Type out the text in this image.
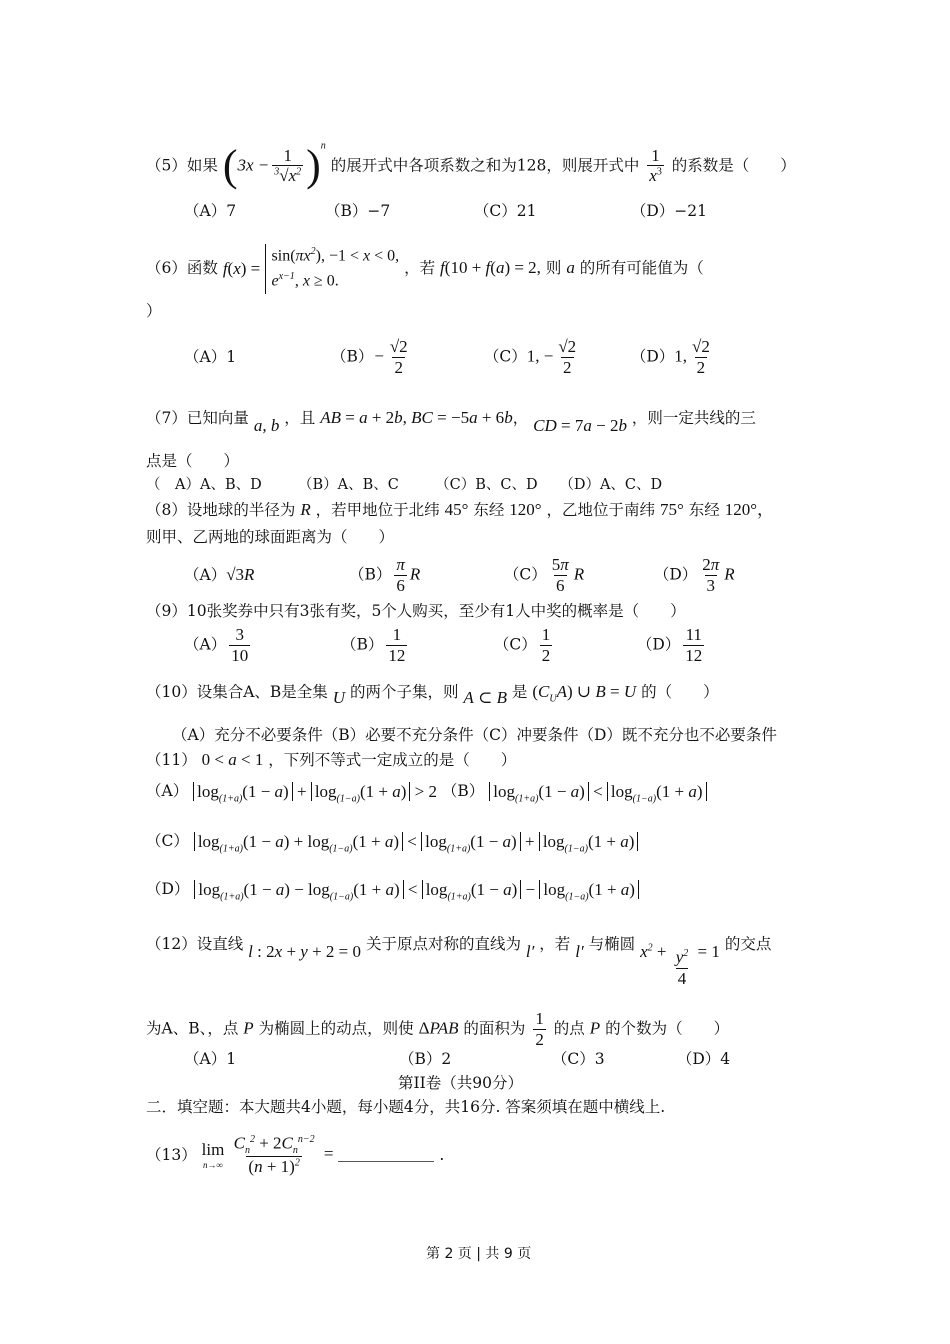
（5）如果 $(3x - \frac{1}{^3√x^2} )^n$ 的展开式中各项系数之和为128，则展开式中 $\frac{1}{x^3}$ 的系数是（　　）
（A）7	（B）−7	（C）21	（D）−21
（6）函数 $f(x) = \sin(\pi x^2)$, −1 < x < 0,
$e^{x-1}$, x ≥ 0. ，若 f(10 + f(a) = 2, 则 a 的所有可能值为（
）
（A）1	$(B)- \frac{√2}{2}$	（C）1, − $\frac{√2}{2}$	（D）1, $\frac{√2}{2}$
（7）已知向量 a, b ，且 AB = a + 2b, BC = −5a + 6b， CD = 7a − 2b ，则一定共线的三
点是（　　）
（　A）A、B、D　　　（B）A、B、C　　　（C）B、C、D　　（D）A、C、D
（8）设地球的半径为 R ，若甲地位于北纬 45° 东经 120° ，乙地位于南纬 75° 东经 120°，
则甲、乙两地的球面距离为（　　）
（A）√3R	$(B) \frac{\pi}{6}$ R	$(C) \frac{5\pi}{6}$ R	$(D) \frac{2\pi}{3}$ R
（9）10张奖券中只有3张有奖，5个人购买，至少有1人中奖的概率是（　　）
$(A) \frac{3}{10}$	$(B) \frac{1}{12}$	$(C) \frac{1}{2}$	$(D) \frac{11}{12}$
（10）设集合A、B是全集 U 的两个子集，则 A ⊂ B 是 $(C_UA)$ ∪ B = U 的（　　）
（A）充分不必要条件（B）必要不充分条件（C）冲要条件（D）既不充分也不必要条件
（11） 0 < a < 1 ，下列不等式一定成立的是（　　）
（A） $\log_{(1+a)}(1 - a) + \log_{(1-a)}(1 + a) > 2$ （B） $\log_{(1+a)}(1 - a) < \log_{(1-a)}(1 + a)$
（C） $\log_{(1+a)}(1 - a) + \log_{(1-a)}(1 + a) < \log_{(1+a)}(1 - a) + \log_{(1-a)}(1 + a)$
（D） $\log_{(1+a)}(1 - a) - \log_{(1-a)}(1 + a) < \log_{(1+a)}(1 - a) - \log_{(1-a)}(1 + a)$
（12）设直线 l : 2x + y + 2 = 0 关于原点对称的直线为 l′ ，若 l′ 与椭圆 $x^2 + \frac{y^2}{4} = 1$ 的交点
为A、B、，点 P 为椭圆上的动点，则使 ΔPAB 的面积为 $\frac{1}{2}$ 的点 P 的个数为（　　）
（A）1	（B）2	（C）3	（D）4
第II卷（共90分）
二．填空题：本大题共4小题，每小题4分，共16分. 答案须填在题中横线上.
（13） lim
n→∞
$\frac{C_n^2 + 2C_n^{n-2}}{(n + 1)^2}$ =	.
第 2 页 | 共 9 页
